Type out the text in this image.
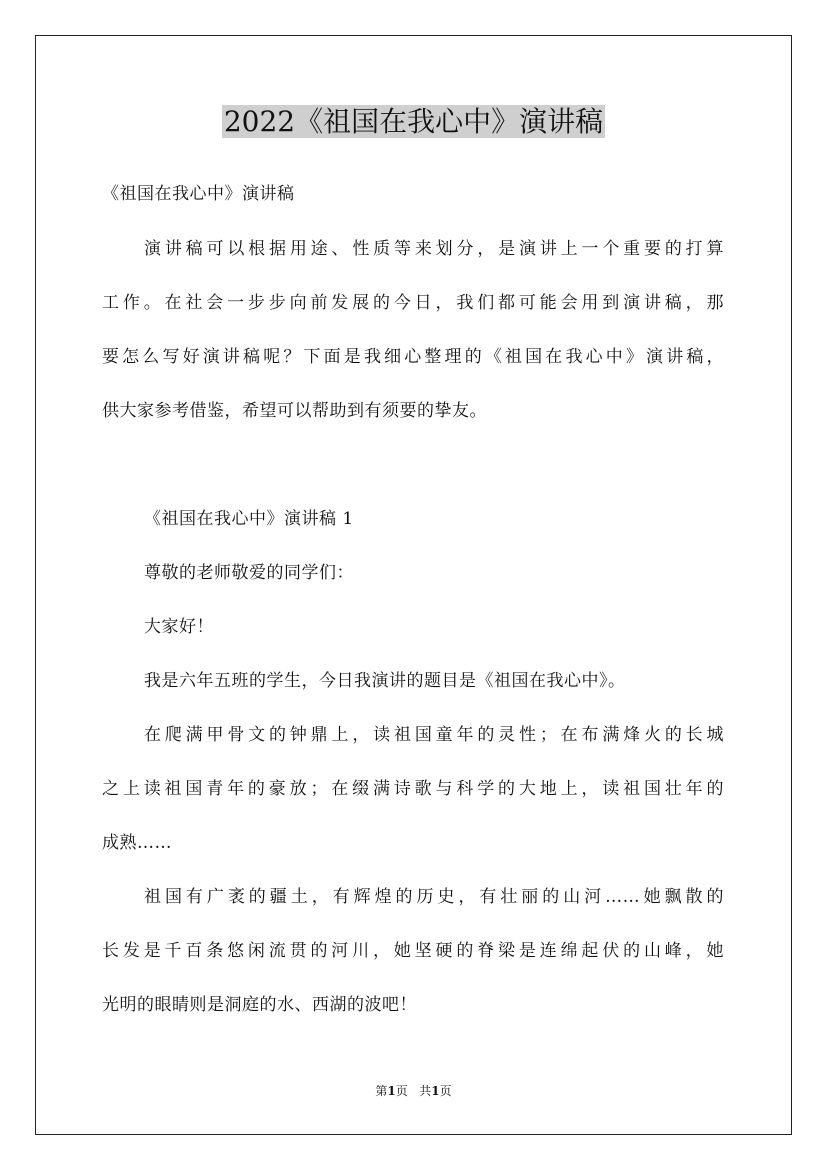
2022《祖国在我心中》演讲稿
《祖国在我心中》演讲稿
演讲稿可以根据用途、性质等来划分，是演讲上一个重要的打算
工作。在社会一步步向前发展的今日，我们都可能会用到演讲稿，那
要怎么写好演讲稿呢？下面是我细心整理的《祖国在我心中》演讲稿，
供大家参考借鉴，希望可以帮助到有须要的挚友。
《祖国在我心中》演讲稿 1
尊敬的老师敬爱的同学们：
大家好！
我是六年五班的学生，今日我演讲的题目是《祖国在我心中》。
在爬满甲骨文的钟鼎上，读祖国童年的灵性；在布满烽火的长城
之上读祖国青年的豪放；在缀满诗歌与科学的大地上，读祖国壮年的
成熟……
祖国有广袤的疆土，有辉煌的历史，有壮丽的山河……她飘散的
长发是千百条悠闲流贯的河川，她坚硬的脊梁是连绵起伏的山峰，她
光明的眼睛则是洞庭的水、西湖的波吧！
第1页 共1页
